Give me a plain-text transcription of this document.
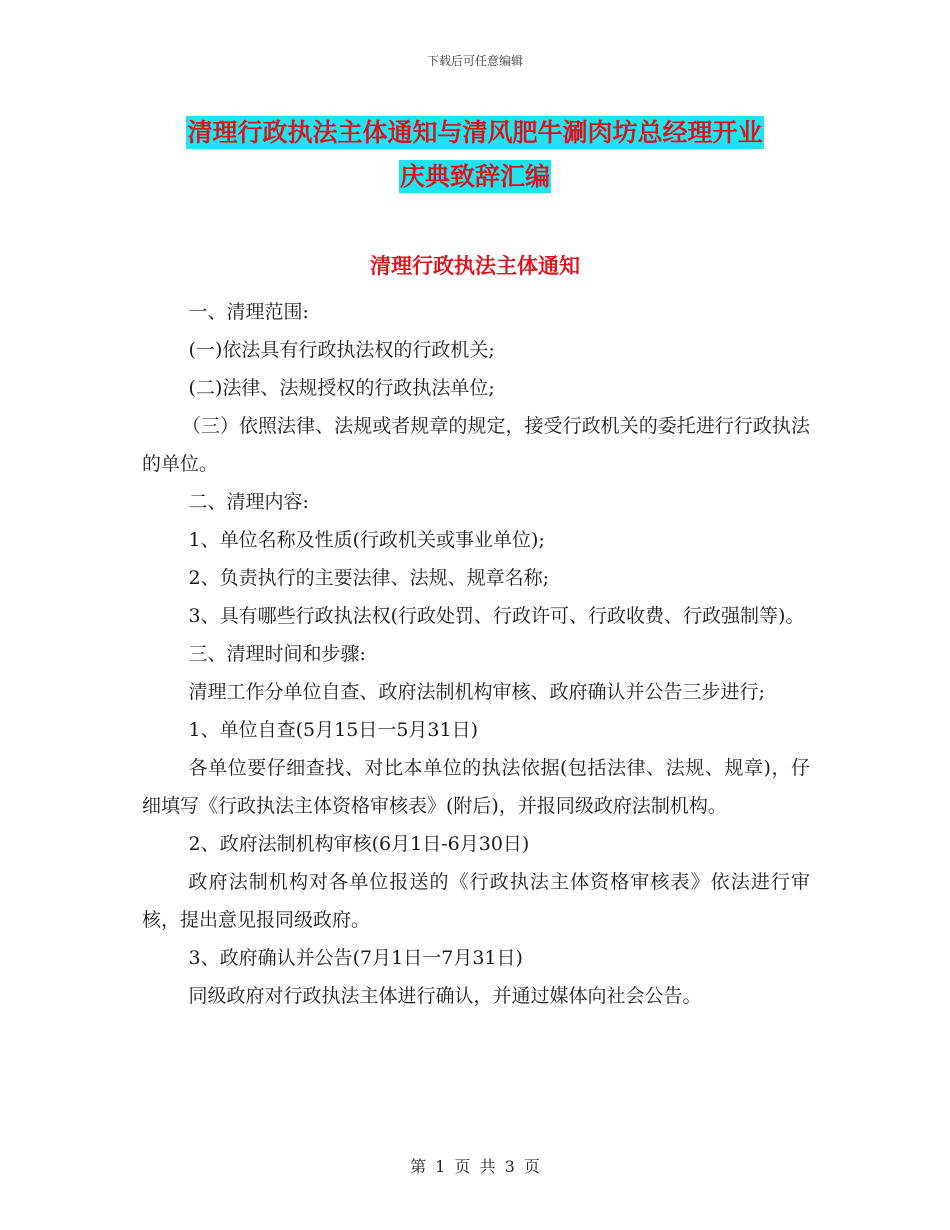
下载后可任意编辑
清理行政执法主体通知与清风肥牛涮肉坊总经理开业
庆典致辞汇编
清理行政执法主体通知

一、清理范围:

(一)依法具有行政执法权的行政机关;

(二)法律、法规授权的行政执法单位;

（三）依照法律、法规或者规章的规定，接受行政机关的委托进行行政执法的单位。

二、清理内容:

1、单位名称及性质(行政机关或事业单位);

2、负责执行的主要法律、法规、规章名称;

3、具有哪些行政执法权(行政处罚、行政许可、行政收费、行政强制等)。

三、清理时间和步骤:

清理工作分单位自查、政府法制机构审核、政府确认并公告三步进行;

1、单位自查(5月15日一5月31日)

各单位要仔细查找、对比本单位的执法依据(包括法律、法规、规章)，仔细填写《行政执法主体资格审核表》(附后)，并报同级政府法制机构。

2、政府法制机构审核(6月1日-6月30日)

政府法制机构对各单位报送的《行政执法主体资格审核表》依法进行审核，提出意见报同级政府。

3、政府确认并公告(7月1日一7月31日)

同级政府对行政执法主体进行确认，并通过媒体向社会公告。

第 1 页 共 3 页
